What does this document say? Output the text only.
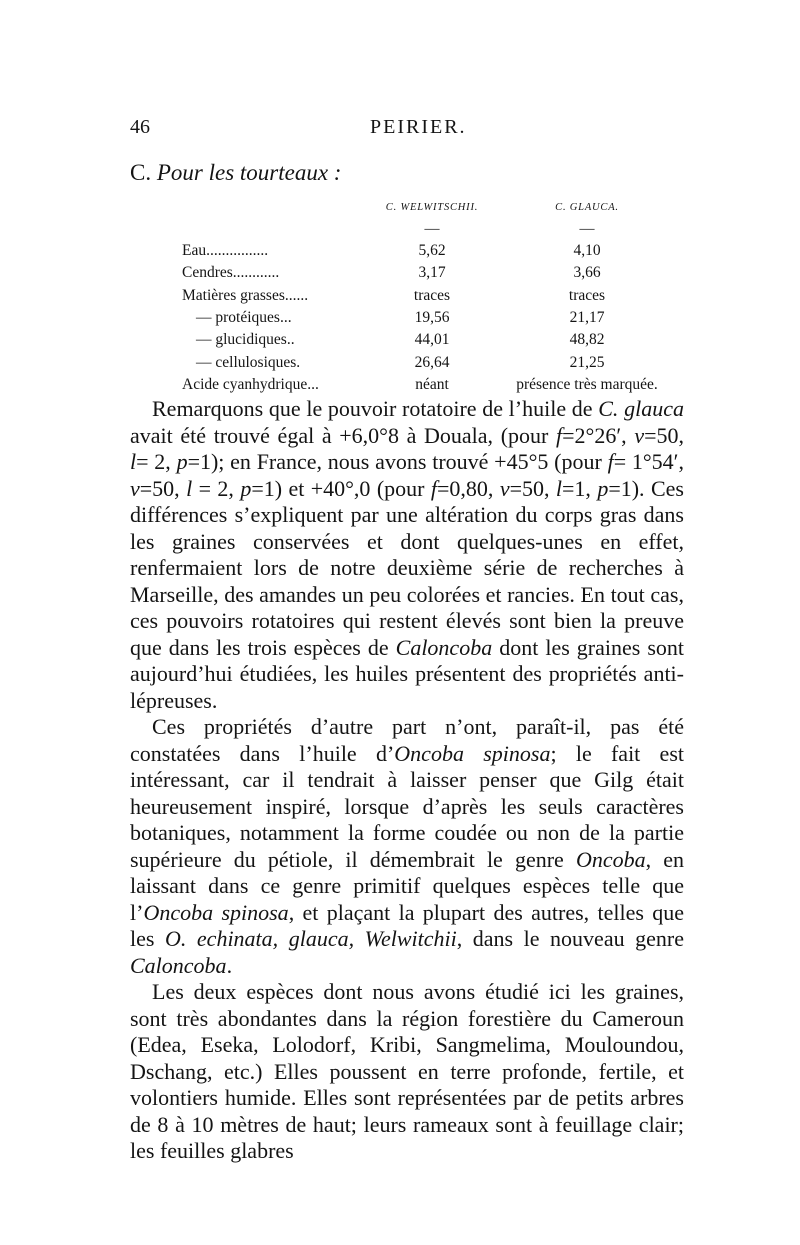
46	PEIRIER.
C. Pour les tourteaux :
	C. WELWITSCHII.	C. GLAUCA.
	—	—
Eau................	5,62	4,10
Cendres............	3,17	3,66
Matières grasses......	traces	traces
— protéiques...	19,56	21,17
— glucidiques..	44,01	48,82
— cellulosiques.	26,64	21,25
Acide cyanhydrique...	néant	présence très marquée.

Remarquons que le pouvoir rotatoire de l’huile de C. glauca avait été trouvé égal à +6,0°8 à Douala, (pour f=2°26′, v=50, l= 2, p=1); en France, nous avons trouvé +45°5 (pour f= 1°54′, v=50, l = 2, p=1) et +40°,0 (pour f=0,80, v=50, l=1, p=1). Ces différences s’expliquent par une altération du corps gras dans les graines conservées et dont quelques-unes en effet, renfermaient lors de notre deuxième série de recherches à Marseille, des amandes un peu colorées et rancies. En tout cas, ces pouvoirs rotatoires qui restent élevés sont bien la preuve que dans les trois espèces de Caloncoba dont les graines sont aujourd’hui étudiées, les huiles présentent des propriétés anti-lépreuses.

Ces propriétés d’autre part n’ont, paraît-il, pas été constatées dans l’huile d’Oncoba spinosa; le fait est intéressant, car il tendrait à laisser penser que Gilg était heureusement inspiré, lorsque d’après les seuls caractères botaniques, notamment la forme coudée ou non de la partie supérieure du pétiole, il démembrait le genre Oncoba, en laissant dans ce genre primitif quelques espèces telle que l’Oncoba spinosa, et plaçant la plupart des autres, telles que les O. echinata, glauca, Welwitchii, dans le nouveau genre Caloncoba.

Les deux espèces dont nous avons étudié ici les graines, sont très abondantes dans la région forestière du Cameroun (Edea, Eseka, Lolodorf, Kribi, Sangmelima, Mouloundou, Dschang, etc.) Elles poussent en terre profonde, fertile, et volontiers humide. Elles sont représentées par de petits arbres de 8 à 10 mètres de haut; leurs rameaux sont à feuillage clair; les feuilles glabres
